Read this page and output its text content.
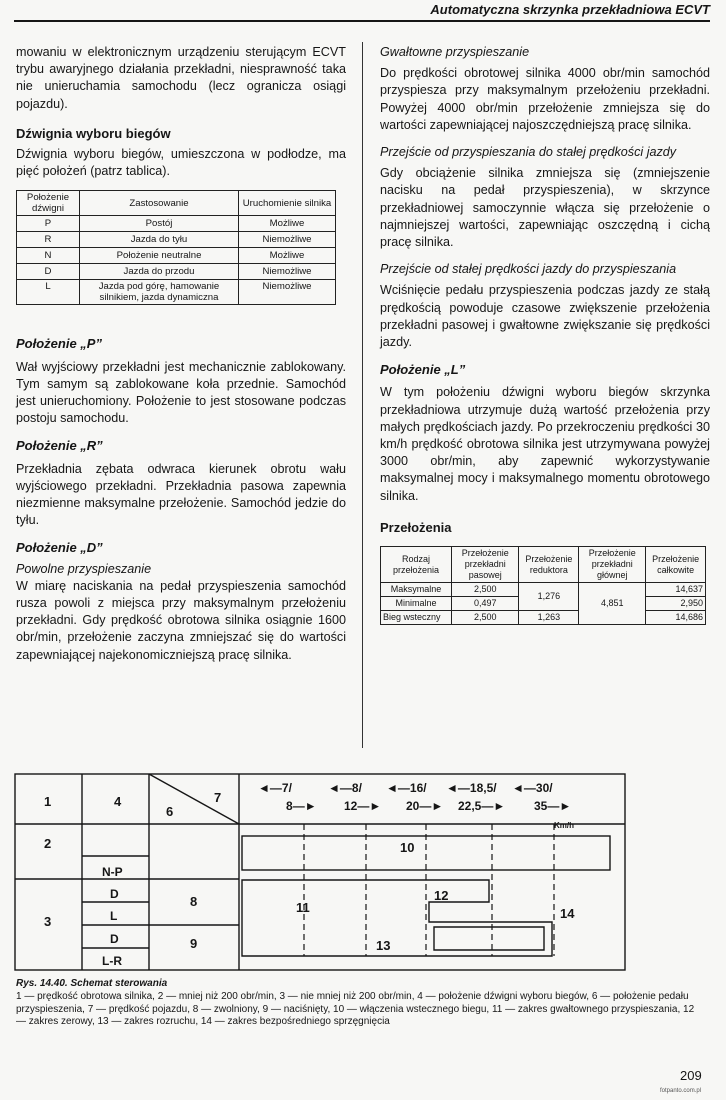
Automatyczna skrzynka przekładniowa ECVT

mowaniu w elektronicznym urządzeniu sterującym ECVT trybu awaryjnego działania przekładni, niesprawność taka nie unieruchamia samochodu (lecz ogranicza osiągi pojazdu).

Dźwignia wyboru biegów

Dźwignia wyboru biegów, umieszczona w podłodze, ma pięć położeń (patrz tablica).

Położenie dźwigni	Zastosowanie	Uruchomienie silnika
P	Postój	Możliwe
R	Jazda do tyłu	Niemożliwe
N	Położenie neutralne	Możliwe
D	Jazda do przodu	Niemożliwe
L	Jazda pod górę, hamowanie silnikiem, jazda dynamiczna	Niemożliwe
Położenie „P”

Wał wyjściowy przekładni jest mechanicznie zablokowany. Tym samym są zablokowane koła przednie. Samochód jest unieruchomiony. Położenie to jest stosowane podczas postoju samochodu.

Położenie „R”

Przekładnia zębata odwraca kierunek obrotu wału wyjściowego przekładni. Przekładnia pasowa zapewnia niezmienne maksymalne przełożenie. Samochód jedzie do tyłu.

Położenie „D”

Powolne przyspieszanie

W miarę naciskania na pedał przyspieszenia samochód rusza powoli z miejsca przy maksymalnym przełożeniu przekładni. Gdy prędkość obrotowa silnika osiągnie 1600 obr/min, przełożenie zaczyna zmniejszać się do wartości zapewniającej najekonomiczniejszą pracę silnika.

Gwałtowne przyspieszanie

Do prędkości obrotowej silnika 4000 obr/min samochód przyspiesza przy maksymalnym przełożeniu przekładni. Powyżej 4000 obr/min przełożenie zmniejsza się do wartości zapewniającej najoszczędniejszą pracę silnika.

Przejście od przyspieszania do stałej prędkości jazdy

Gdy obciążenie silnika zmniejsza się (zmniejszenie nacisku na pedał przyspieszenia), w skrzynce przekładniowej samoczynnie włącza się przełożenie o najmniejszej wartości, zapewniając oszczędną i cichą pracę silnika.

Przejście od stałej prędkości jazdy do przyspieszania

Wciśnięcie pedału przyspieszenia podczas jazdy ze stałą prędkością powoduje czasowe zwiększenie przełożenia przekładni pasowej i gwałtowne zwiększanie się prędkości jazdy.

Położenie „L”

W tym położeniu dźwigni wyboru biegów skrzynka przekładniowa utrzymuje dużą wartość przełożenia przy małych prędkościach jazdy. Po przekroczeniu prędkości 30 km/h prędkość obrotowa silnika jest utrzymywana powyżej 3000 obr/min, aby zapewnić wykorzystywanie maksymalnej mocy i maksymalnego momentu obrotowego silnika.

Przełożenia
Rodzaj przełożenia	Przełożenie przekładni pasowej	Przełożenie reduktora	Przełożenie przekładni głównej	Przełożenie całkowite
Maksymalne	2,500	1,276	4,851	14,637
Minimalne	0,497			2,950
Bieg wsteczny	2,500	1,263		14,686
1	4
6
7
2
3
N-P
D
L
D
L-R
8
9
10
11
12
13
14
◄—7/
8—►
◄—8/
12—►
◄—16/
20—►
◄—18,5/
22,5—►
◄—30/
35—►
Km/h
Rys. 14.40. Schemat sterowania
1 — prędkość obrotowa silnika, 2 — mniej niż 200 obr/min, 3 — nie mniej niż 200 obr/min, 4 — położenie dźwigni wyboru biegów, 6 — położenie pedału przyspieszenia, 7 — prędkość pojazdu, 8 — zwolniony, 9 — naciśnięty, 10 — włączenia wstecznego biegu, 11 — zakres gwałtownego przyspieszania, 12 — zakres zerowy, 13 — zakres rozruchu, 14 — zakres bezpośredniego sprzęgnięcia
209
fotpanto.com.pl
